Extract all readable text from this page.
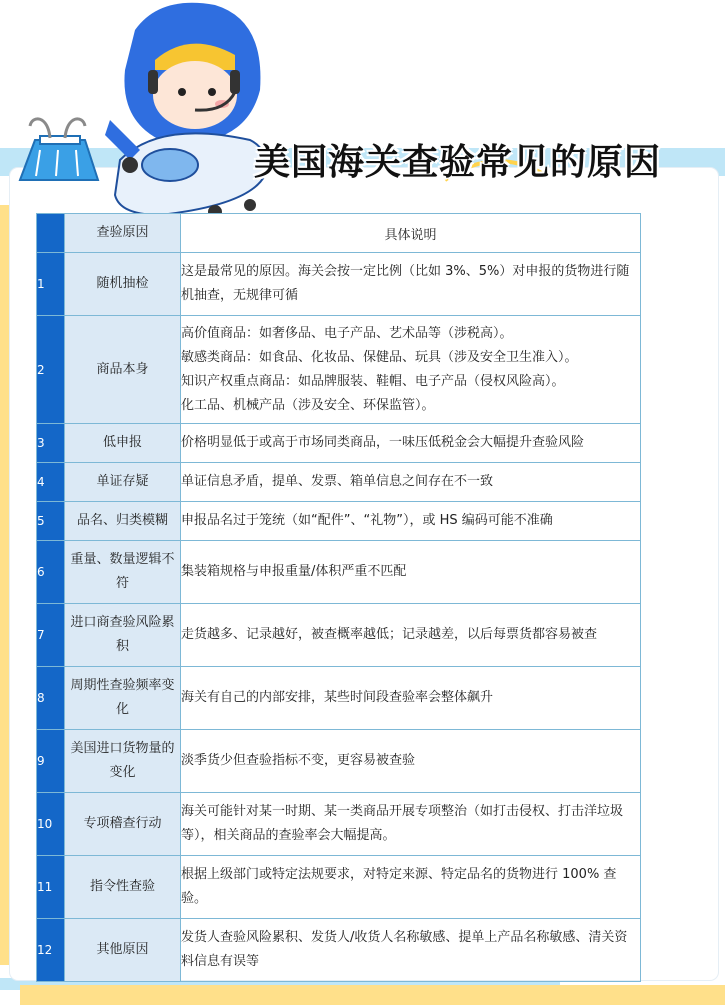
美国海关查验常见的原因
	查验原因	具体说明
1	随机抽检	这是最常见的原因。海关会按一定比例（比如 3%、5%）对申报的货物进行随机抽查，无规律可循

2	商品本身	高价值商品：如奢侈品、电子产品、艺术品等（涉税高）。
敏感类商品：如食品、化妆品、保健品、玩具（涉及安全卫生准入）。
知识产权重点商品：如品牌服装、鞋帽、电子产品（侵权风险高）。
化工品、机械产品（涉及安全、环保监管）。

3	低申报	价格明显低于或高于市场同类商品，一味压低税金会大幅提升查验风险

4	单证存疑	单证信息矛盾，提单、发票、箱单信息之间存在不一致

5	品名、归类模糊	申报品名过于笼统（如“配件”、“礼物”），或 HS 编码可能不准确

6	重量、数量逻辑不符	集装箱规格与申报重量/体积严重不匹配

7	进口商查验风险累积	走货越多、记录越好，被查概率越低；记录越差，以后每票货都容易被查

8	周期性查验频率变化	海关有自己的内部安排，某些时间段查验率会整体飙升

9	美国进口货物量的变化	淡季货少但查验指标不变，更容易被查验

10	专项稽查行动	海关可能针对某一时期、某一类商品开展专项整治（如打击侵权、打击洋垃圾等），相关商品的查验率会大幅提高。

11	指令性查验	根据上级部门或特定法规要求，对特定来源、特定品名的货物进行 100% 查验。

12	其他原因	发货人查验风险累积、发货人/收货人名称敏感、提单上产品名称敏感、清关资料信息有误等
